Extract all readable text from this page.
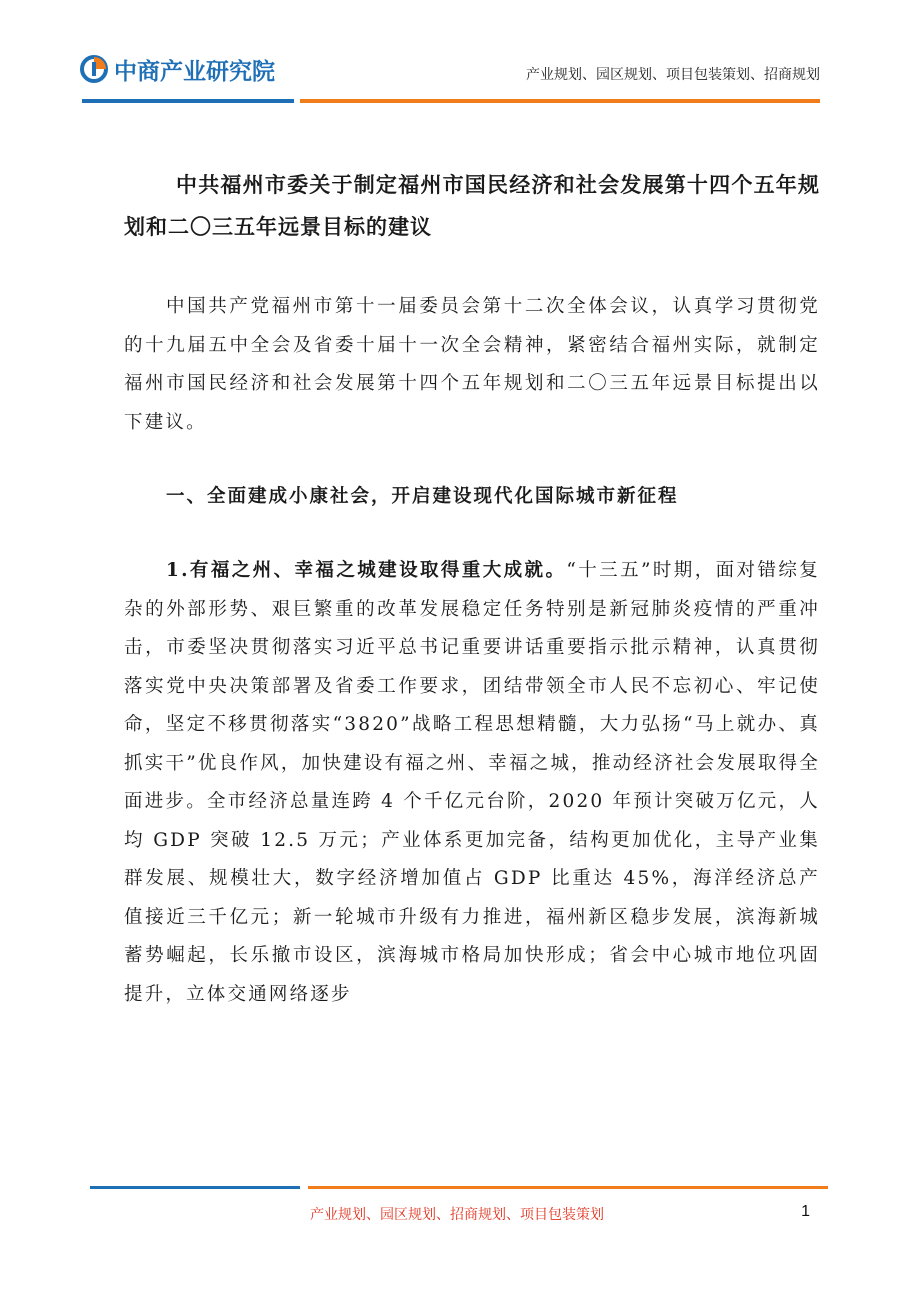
中商产业研究院	产业规划、园区规划、项目包装策划、招商规划
中共福州市委关于制定福州市国民经济和社会发展第十四个五年规划和二〇三五年远景目标的建议

中国共产党福州市第十一届委员会第十二次全体会议，认真学习贯彻党的十九届五中全会及省委十届十一次全会精神，紧密结合福州实际，就制定福州市国民经济和社会发展第十四个五年规划和二〇三五年远景目标提出以下建议。

一、全面建成小康社会，开启建设现代化国际城市新征程

1.有福之州、幸福之城建设取得重大成就。“十三五”时期，面对错综复杂的外部形势、艰巨繁重的改革发展稳定任务特别是新冠肺炎疫情的严重冲击，市委坚决贯彻落实习近平总书记重要讲话重要指示批示精神，认真贯彻落实党中央决策部署及省委工作要求，团结带领全市人民不忘初心、牢记使命，坚定不移贯彻落实“3820”战略工程思想精髓，大力弘扬“马上就办、真抓实干”优良作风，加快建设有福之州、幸福之城，推动经济社会发展取得全面进步。全市经济总量连跨 4 个千亿元台阶，2020 年预计突破万亿元，人均 GDP 突破 12.5 万元；产业体系更加完备，结构更加优化，主导产业集群发展、规模壮大，数字经济增加值占 GDP 比重达 45%，海洋经济总产值接近三千亿元；新一轮城市升级有力推进，福州新区稳步发展，滨海新城蓄势崛起，长乐撤市设区，滨海城市格局加快形成；省会中心城市地位巩固提升，立体交通网络逐步

产业规划、园区规划、招商规划、项目包装策划	1
